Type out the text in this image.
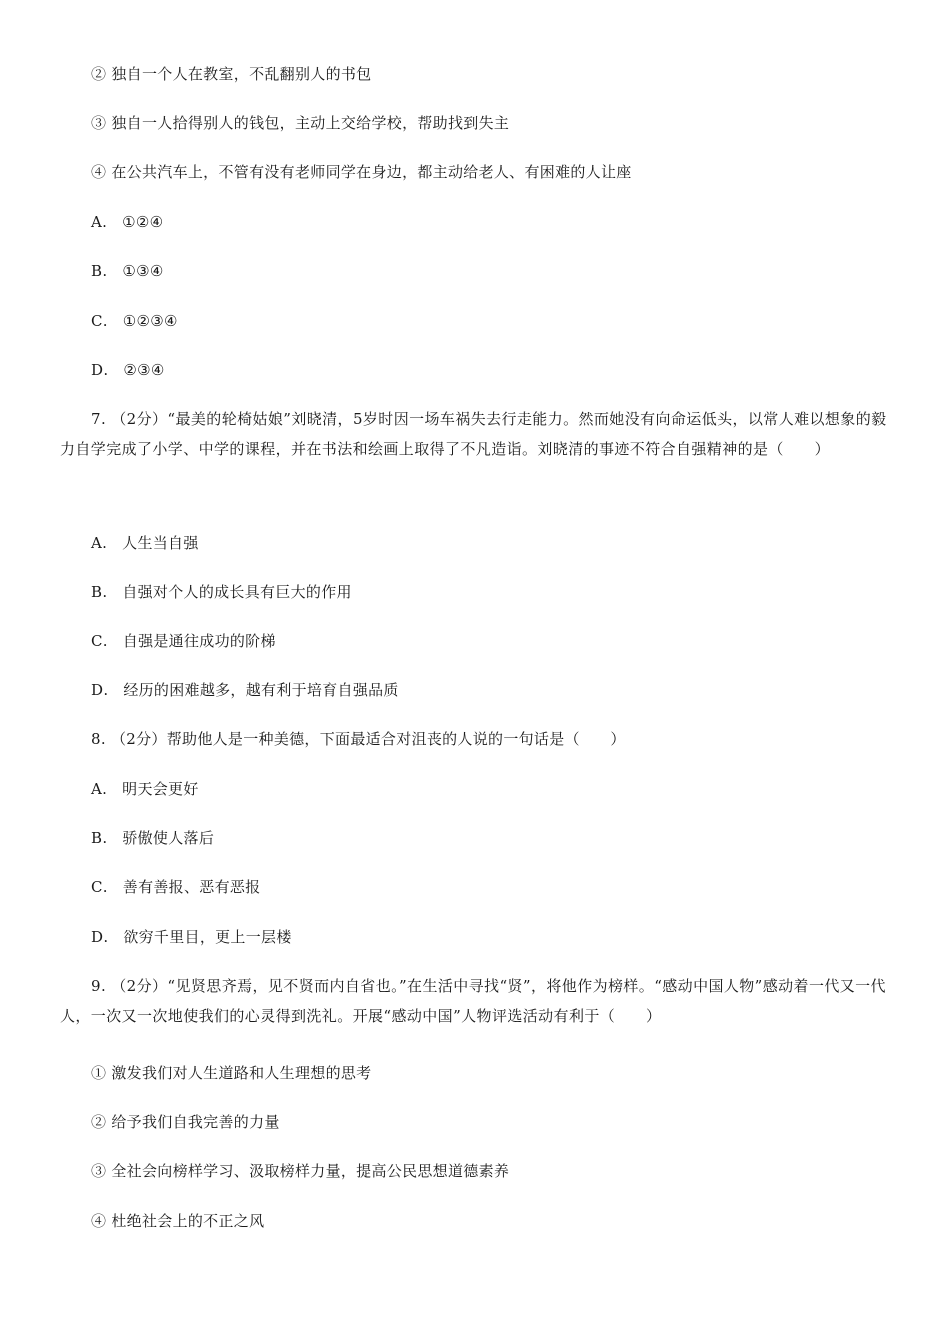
② 独自一个人在教室，不乱翻别人的书包
③ 独自一人拾得别人的钱包，主动上交给学校，帮助找到失主
④ 在公共汽车上，不管有没有老师同学在身边，都主动给老人、有困难的人让座
A. ①②④
B. ①③④
C. ①②③④
D. ②③④
7. （2分）“最美的轮椅姑娘”刘晓清，5岁时因一场车祸失去行走能力。然而她没有向命运低头，以常人难以想象的毅力自学完成了小学、中学的课程，并在书法和绘画上取得了不凡造诣。刘晓清的事迹不符合自强精神的是（　　）
A. 人生当自强
B. 自强对个人的成长具有巨大的作用
C. 自强是通往成功的阶梯
D. 经历的困难越多，越有利于培育自强品质
8. （2分）帮助他人是一种美德，下面最适合对沮丧的人说的一句话是（　　）
A. 明天会更好
B. 骄傲使人落后
C. 善有善报、恶有恶报
D. 欲穷千里目，更上一层楼
9. （2分）“见贤思齐焉，见不贤而内自省也。”在生活中寻找“贤”，将他作为榜样。“感动中国人物”感动着一代又一代人，一次又一次地使我们的心灵得到洗礼。开展“感动中国”人物评选活动有利于（　　）
① 激发我们对人生道路和人生理想的思考
② 给予我们自我完善的力量
③ 全社会向榜样学习、汲取榜样力量，提高公民思想道德素养
④ 杜绝社会上的不正之风
